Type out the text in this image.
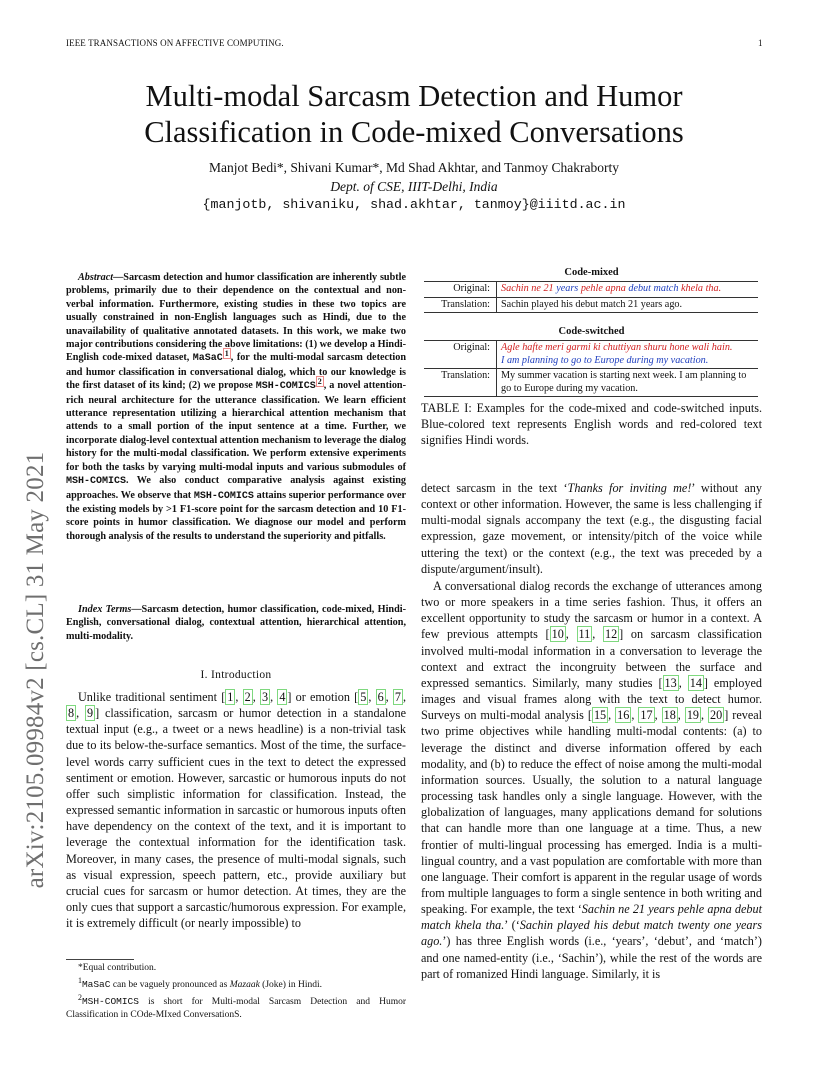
IEEE TRANSACTIONS ON AFFECTIVE COMPUTING.	1
arXiv:2105.09984v2 [cs.CL] 31 May 2021
Multi-modal Sarcasm Detection and Humor
Classification in Code-mixed Conversations
Manjot Bedi*, Shivani Kumar*, Md Shad Akhtar, and Tanmoy Chakraborty
Dept. of CSE, IIIT-Delhi, India
{manjotb, shivaniku, shad.akhtar, tanmoy}@iiitd.ac.in
Abstract—Sarcasm detection and humor classification are inherently subtle problems, primarily due to their dependence on the contextual and non-verbal information. Furthermore, existing studies in these two topics are usually constrained in non-English languages such as Hindi, due to the unavailability of qualitative annotated datasets. In this work, we make two major contributions considering the above limitations: (1) we develop a Hindi-English code-mixed dataset, MaSaC $^1$ , for the multi-modal sarcasm detection and humor classification in conversational dialog, which to our knowledge is the first dataset of its kind; (2) we propose MSH-COMICS $^2$ , a novel attention-rich neural architecture for the utterance classification. We learn efficient utterance representation utilizing a hierarchical attention mechanism that attends to a small portion of the input sentence at a time. Further, we incorporate dialog-level contextual attention mechanism to leverage the dialog history for the multi-modal classification. We perform extensive experiments for both the tasks by varying multi-modal inputs and various submodules of MSH-COMICS. We also conduct comparative analysis against existing approaches. We observe that MSH-COMICS attains superior performance over the existing models by >1 F1-score point for the sarcasm detection and 10 F1-score points in humor classification. We diagnose our model and perform thorough analysis of the results to understand the superiority and pitfalls.
Index Terms—Sarcasm detection, humor classification, code-mixed, Hindi-English, conversational dialog, contextual attention, hierarchical attention, multi-modality.
I. Introduction
Unlike traditional sentiment [ 1 , 2 , 3 , 4 ] or emotion [ 5 , 6 , 7 , 8 , 9 ] classification, sarcasm or humor detection in a standalone textual input (e.g., a tweet or a news headline) is a non-trivial task due to its below-the-surface semantics. Most of the time, the surface-level words carry sufficient cues in the text to detect the expressed sentiment or emotion. However, sarcastic or humorous inputs do not offer such simplistic information for classification. Instead, the expressed semantic information in sarcastic or humorous inputs often have dependency on the context of the text, and it is important to leverage the contextual information for the identification task. Moreover, in many cases, the presence of multi-modal signals, such as visual expression, speech pattern, etc., provide auxiliary but crucial cues for sarcasm or humor detection. At times, they are the only cues that support a sarcastic/humorous expression. For example, it is extremely difficult (or nearly impossible) to
*Equal contribution.
$^1$MaSaC can be vaguely pronounced as Mazaak (Joke) in Hindi.
$^2$MSH-COMICS is short for Multi-modal Sarcasm Detection and Humor Classification in COde-MIxed ConversationS.
Code-mixed
Original:	Sachin ne 21 years pehle apna debut match khela tha.
Translation:	Sachin played his debut match 21 years ago.
Code-switched
Original:	Agle hafte meri garmi ki chuttiyan shuru hone wali hain.
I am planning to go to Europe during my vacation.

Translation:	My summer vacation is starting next week. I am planning to go to Europe during my vacation.
TABLE I: Examples for the code-mixed and code-switched inputs. Blue-colored text represents English words and red-colored text signifies Hindi words.
detect sarcasm in the text ‘Thanks for inviting me!’ without any context or other information. However, the same is less challenging if multi-modal signals accompany the text (e.g., the disgusting facial expression, gaze movement, or intensity/pitch of the voice while uttering the text) or the context (e.g., the text was preceded by a dispute/argument/insult).
A conversational dialog records the exchange of utterances among two or more speakers in a time series fashion. Thus, it offers an excellent opportunity to study the sarcasm or humor in a context. A few previous attempts [ 10 , 11 , 12 ] on sarcasm classification involved multi-modal information in a conversation to leverage the context and extract the incongruity between the surface and expressed semantics. Similarly, many studies [ 13 , 14 ] employed images and visual frames along with the text to detect humor. Surveys on multi-modal analysis [ 15 , 16 , 17 , 18 , 19 , 20 ] reveal two prime objectives while handling multi-modal contents: (a) to leverage the distinct and diverse information offered by each modality, and (b) to reduce the effect of noise among the multi-modal information sources. Usually, the solution to a natural language processing task handles only a single language. However, with the globalization of languages, many applications demand for solutions that can handle more than one language at a time. Thus, a new frontier of multi-lingual processing has emerged. India is a multi-lingual country, and a vast population are comfortable with more than one language. Their comfort is apparent in the regular usage of words from multiple languages to form a single sentence in both writing and speaking. For example, the text ‘Sachin ne 21 years pehle apna debut match khela tha.’ (‘Sachin played his debut match twenty one years ago.’) has three English words (i.e., ‘years’, ‘debut’, and ‘match’) and one named-entity (i.e., ‘Sachin’), while the rest of the words are part of romanized Hindi language. Similarly, it is
